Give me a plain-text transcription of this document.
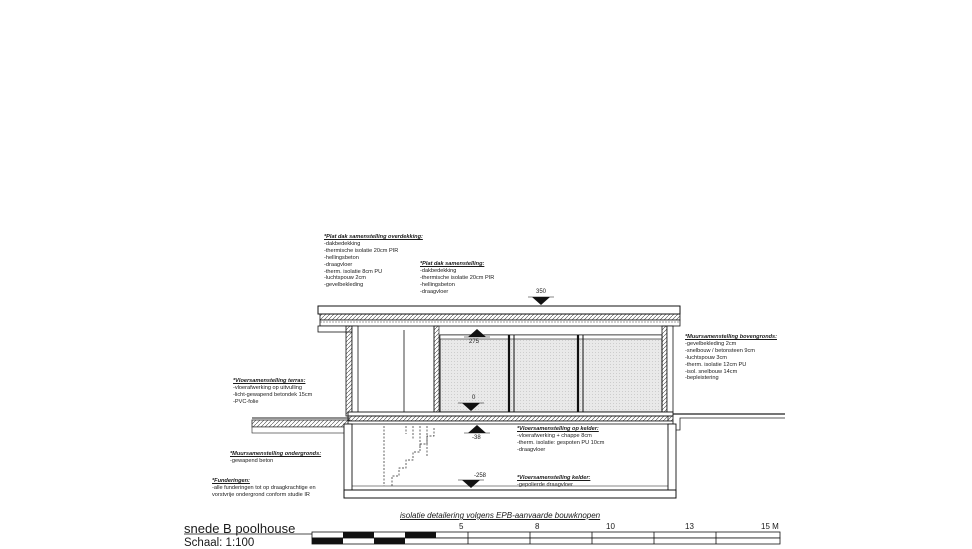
350
275
0
-38
-258
*Plat dak samenstelling overdekking:
-dakbedekking
-thermische isolatie 20cm PIR
-hellingsbeton
-draagvloer
-therm. isolatie 8cm PU
-luchtspouw 2cm
-gevelbekleding
*Plat dak samenstelling:
-dakbedekking
-thermische isolatie 20cm PIR
-hellingsbeton
-draagvloer
*Muursamenstelling bovengronds:
-gevelbekleding 2cm
-snelbouw / betonsteen 9cm
-luchtspouw 3cm
-therm. isolatie 12cm PU
-isol. snelbouw 14cm
-bepleistering
*Vloersamenstelling terras:
-vloerafwerking op uitvulling
-licht-gewapend betondek 15cm
-PVC-folie
*Vloersamenstelling op kelder:
-vloerafwerking + chappe 8cm
-therm. isolatie: gespoten PU 10cm
-draagvloer
*Muursamenstelling ondergronds:
-gewapend beton
*Funderingen:
-alle funderingen tot op draagkrachtige en
vorstvrije ondergrond conform studie IR
*Vloersamenstelling kelder:
-gepolierde draagvloer
isolatie detailering volgens EPB-aanvaarde bouwknopen
snede B poolhouse
Schaal: 1:100
5	8	10	13	15 M
